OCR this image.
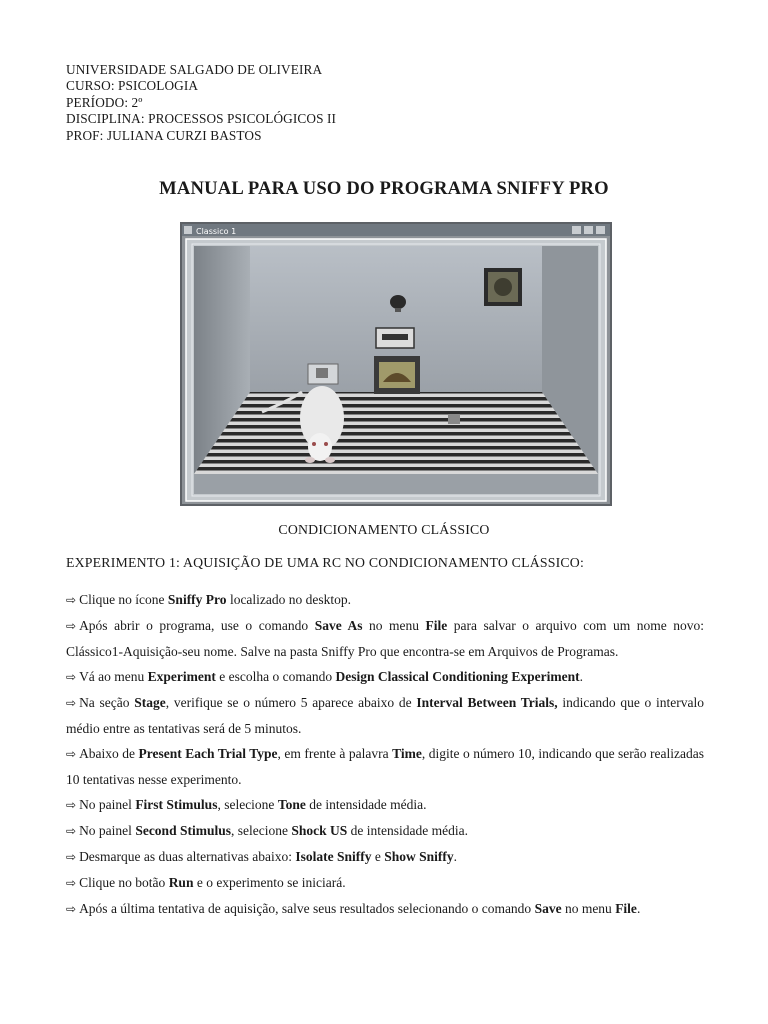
UNIVERSIDADE SALGADO DE OLIVEIRA
CURSO: PSICOLOGIA
PERÍODO: 2º
DISCIPLINA: PROCESSOS PSICOLÓGICOS II
PROF: JULIANA CURZI BASTOS
MANUAL PARA USO DO PROGRAMA SNIFFY PRO
Classico 1
CONDICIONAMENTO CLÁSSICO
EXPERIMENTO 1: AQUISIÇÃO DE UMA RC NO CONDICIONAMENTO CLÁSSICO:

⇨ Clique no ícone Sniffy Pro localizado no desktop.

⇨ Após abrir o programa, use o comando Save As no menu File para salvar o arquivo com um nome novo: Clássico1-Aquisição-seu nome. Salve na pasta Sniffy Pro que encontra-se em Arquivos de Programas.

⇨ Vá ao menu Experiment e escolha o comando Design Classical Conditioning Experiment.

⇨ Na seção Stage, verifique se o número 5 aparece abaixo de Interval Between Trials, indicando que o intervalo médio entre as tentativas será de 5 minutos.

⇨ Abaixo de Present Each Trial Type, em frente à palavra Time, digite o número 10, indicando que serão realizadas 10 tentativas nesse experimento.

⇨ No painel First Stimulus, selecione Tone de intensidade média.

⇨ No painel Second Stimulus, selecione Shock US de intensidade média.

⇨ Desmarque as duas alternativas abaixo: Isolate Sniffy e Show Sniffy.

⇨ Clique no botão Run e o experimento se iniciará.

⇨ Após a última tentativa de aquisição, salve seus resultados selecionando o comando Save no menu File.
